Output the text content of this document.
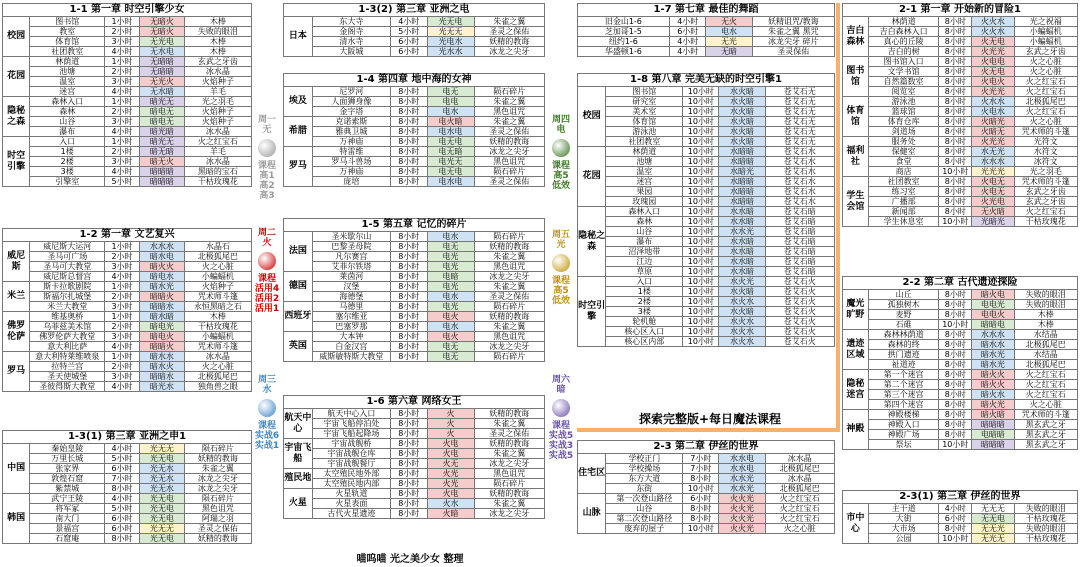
1-1 第一章 时空引擎少女
校园	图书馆	1小时	无暗火	木棒
	教室	2小时	无暗火	失败的眼泪
	体育馆	3小时	无光电	木棒
	社团教室	4小时	无水电	木棒
花园	林荫道	1小时	无暗暗	玄武之牙齿
	池塘	2小时	无暗暗	冰水晶
	温室	3小时	无光火	火焰种子
	迷宫	4小时	无水暗	羊毛
隐秘之森	森林入口	1小时	暗光无	光之羽毛
	森林	2小时	暗电无	火焰种子
	山谷	3小时	暗电无	火焰种子
	瀑布	4小时	暗光暗	冰水晶
时空引擎	入口	1小时	暗光无	火之红宝石
	1楼	2小时	暗无暗	羊毛
	2楼	3小时	暗无火	冰水晶
	3楼	4小时	暗暗暗	黑暗的宝石
	引擎室	5小时	暗暗暗	干枯玫瑰花
1-2 第一章 文艺复兴
威尼斯	威尼斯大运河	1小时	水水水	水晶石
	圣马可广场	2小时	暗水电	北极狐尾巴
	圣马可大教堂	3小时	暗火火	火之心脏
	威尼斯总督宫	4小时	暗电水	小蝙蝠机
米兰	斯卡拉歌剧院	1小时	暗水光	火焰种子
	斯福尔扎城堡	2小时	暗暗火	咒术师斗篷
	米兰大教堂	3小时	暗暗水	永恒黑暗之石
佛罗伦萨	维基奥桥	1小时	暗水暗	木棒
	乌菲兹美术馆	2小时	暗电光	干枯玫瑰花
	佛罗伦萨大教堂	3小时	暗电火	小蝙蝠机
	意大利比萨	4小时	暗暗火	咒术师斗篷
罗马	意大利特莱维喷泉	1小时	暗水水	冰水晶
	拉特兰宫	2小时	暗水火	火之心脏
	圣天使城堡	3小时	暗暗水	北极狐尾巴
	圣彼得斯大教堂	4小时	暗光水	独角兽之眼
1-3(1) 第三章 亚洲之申1
中国	秦始皇陵	4小时	光无无	陨石碎片
	万里长城	5小时	光无电	妖精的教诲
	张家界	6小时	光无水	朱雀之翼
	敦煌石窟	7小时	光无水	冰龙之尖牙
	紫禁城	8小时	光无水	冰龙之尖牙
韩国	武宁王陵	4小时	光无电	陨石碎片
	将军冢	5小时	光无电	黑色诅咒
	南大门	6小时	光无电	阿瑞之羽
	景福宫	6小时	光无无	圣灵之保佑
	石窟庵	8小时	光无电	妖精的教诲
周一
无
课程
高1
高2
高3
周二
火
课程
活用4
活用2
活用1
周三
水
课程
实战6
实战1
1-3(2) 第三章 亚洲之电
日本	东大寺	4小时	光无电	朱雀之翼
	金阁寺	5小时	光无无	圣灵之保佑
	清水寺	6小时	光电水	妖精的教诲
	大阪城	6小时	光水水	冰龙之尖牙
1-4 第四章 地中海的女神
埃及	尼罗河	8小时	电无	陨石碎片
	人面狮身像	8小时	电电	朱雀之翼
	金字塔	8小时	电水	黑色诅咒
希腊	克诺索斯	8小时	电火暗	朱雀之翼
	雅典卫城	8小时	电水电	圣灵之保佑
	万神庙	8小时	电无电	妖精的教诲
罗马	特雷维	8小时	电无暗	冰龙之尖牙
	罗马斗兽场	8小时	电光无	黑色诅咒
	万神庙	8小时	电无电	陨石碎片
	庞培	8小时	电水电	圣灵之保佑
1-5 第五章 记忆的碎片
法国	圣米歇尔山	8小时	电水	陨石碎片
	巴黎圣母院	8小时	电无	妖精的教诲
	凡尔赛宫	8小时	电光	朱雀之翼
	艾菲尔铁塔	8小时	电光	黑色诅咒
德国	莱茵河	8小时	电暗	冰龙之尖牙
	汉堡	8小时	电光	朱雀之翼
	海德堡	8小时	电水	圣灵之保佑
西班牙	马德里	8小时	电光	陨石碎片
	塞尔维亚	8小时	电火	妖精的教诲
	巴塞罗那	8小时	电水	朱雀之翼
英国	大本钟	8小时	电火	黑色诅咒
	白金汉宫	8小时	电无	冰龙之尖牙
	威斯敏特斯大教堂	8小时	电无	陨石碎片
1-6 第六章 网络女王
航天中心	航天中心入口	8小时	火	妖精的教诲
	宇宙飞船停泊处	8小时	火	朱雀之翼
	宇宙飞船起降场	8小时	火	圣灵之保佑
宇宙飞船	宇宙战舰桥	8小时	火电	妖精的教诲
	宇宙战舰仓库	8小时	火电	朱雀之翼
	宇宙战舰餐厅	8小时	火无	冰龙之尖牙
殖民地	太空殖民地外部	8小时	火光	黑色诅咒
	太空殖民地内部	8小时	火光	陨石碎片
火星	火星轨道	8小时	火电	妖精的教诲
	火星表面	8小时	火水	朱雀之翼
	古代火星遗迹	8小时	火暗	冰龙之尖牙
喵呜喵 光之美少女 整理
周四
电
课程
高5
低效
周五
光
课程
高5
低效
周六
暗
课程
实战5
实战3
实战5
1-7 第七章 最佳的舞蹈
	旧金山1-6	4小时	无火	妖精诅咒/教诲
芝加哥1-5	6小时	电水	朱雀之翼 黑咒
纽约1-6	4小时	无光	冰龙尖牙 碎片
华盛顿1-6	4小时	无暗	圣灵保佑
1-8 第八章 完美无缺的时空引擎1
校园	图书馆	10小时	水火暗	苍艾石无
	研究室	10小时	水火暗	苍艾石无
	美术室	10小时	水火暗	苍艾石无
	体育馆	10小时	水火暗	苍艾石无
	游泳池	10小时	水火暗	苍艾石无
	社团教室	10小时	水火暗	苍艾石无
花园	林荫道	10小时	水暗暗	苍艾石水
	池塘	10小时	水暗暗	苍艾石水
	温室	10小时	水暗光	苍艾石水
	迷宫	10小时	水暗暗	苍艾石水
	果园	10小时	水暗暗	苍艾石水
	玫瑰园	10小时	水暗暗	苍艾石水
隐秘之森	森林入口	10小时	水水暗	苍艾石暗
	森林	10小时	水水暗	苍艾石暗
	山谷	10小时	水水光	苍艾石暗
	瀑布	10小时	水水暗	苍艾石暗
	沼泽地带	10小时	水水暗	苍艾石暗
	江边	10小时	水水暗	苍艾石暗
	草原	10小时	水水暗	苍艾石暗
时空引擎	入口	10小时	水火光	苍艾石火
	1楼	10小时	水火暗	苍艾石火
	2楼	10小时	水火水	苍艾石火
	3楼	10小时	水火暗	苍艾石火
	轮机舱	10小时	水火水	苍艾石火
	核心区入口	10小时	水火水	苍艾石火
	核心区内部	10小时	水火水	苍艾石火
探索完整版+每日魔法课程
2-3 第二章 伊丝的世界
住宅区	学校正门	7小时	水水电	冰水晶
	学校操场	7小时	水水电	北极狐尾巴
	东方大道	8小时	水水光	冰水晶
	东街	10小时	水水光	北极狐尾巴
山脉	第一次登山路径	6小时	火火光	火之红宝石
	山谷	8小时	火火光	火之红宝石
	第二次登山路径	8小时	火火光	火之红宝石
	废弃的屋子	10小时	火火光	火之心脏
2-1 第一章 开始新的冒险1
吉白森林	林荫道	8小时	火火水	光之祝福
	吉白森林入口	8小时	火火水	小蝙蝠机
	真心的丘陵	8小时	火无电	小蝙蝠机
	吉白的树	8小时	火光光	玄武之牙齿
图书馆	图书馆入口	8小时	火电电	火之心脏
	文学书馆	8小时	火无电	火之心脏
	自然篇数室	8小时	火电火	火之红宝石
	阅览室	8小时	火光光	火之红宝石
体育馆	游泳池	8小时	火水水	北极狐尾巴
	篮球馆	8小时	火电水	火之红宝石
	体育仓库	8小时	火暗光	火之心脏
	剑道场	8小时	火暗无	咒术师的斗篷
福利社	服务处	8小时	火光光	光符文
	保健室	8小时	水无光	水符文
	食堂	8小时	水水水	冰符文
	商店	10小时	光光光	光之羽毛
学生会馆	社团教室	8小时	火电无	咒术师的斗篷
	练习室	8小时	火电无	玄武之牙齿
	广播部	8小时	火光电	玄武之牙齿
	新闻部	8小时	无火暗	火之红宝石
	学生休息室	10小时	光暗光	干枯玫瑰花
2-2 第二章 古代遗迹探险
魔光旷野	山丘	8小时	暗火电	失败的眼泪
	孤独树木	8小时	电电光	失败的眼泪
	麦野	8小时	电电火	木棒
	石碓	10小时	暗暗电	木棒
遗迹区域	森林林荫道	8小时	水水水	水结晶
	森林的终	8小时	暗水水	北极狐尾巴
	拱门遗迹	8小时	暗水光	水结晶
	祉道迹	8小时	暗水光	北极狐尾巴
隐秘迷宫	第一个迷宫	8小时	暗火火	火之红宝石
	第二个迷宫	8小时	暗火火	火之红宝石
	第三个迷宫	8小时	暗火水	火之红宝石
	第四个迷宫	8小时	暗火光	火之心脏
神殿	神殿楼梯	8小时	暗火暗	咒术师的斗篷
	神殿入口	8小时	暗暗暗	黑玄武之牙
	神殿广场	8小时	电暗暗	黑玄武之牙
	祭坛	10小时	暗暗暗	黑玄武之牙
2-3(1) 第三章 伊丝的世界
市中心	主干道	4小时	无无无	失败的眼泪
	大街	6小时	无无电	干枯玫瑰花
	大市场	8小时	无无光	失败的眼泪
	公园	10小时	无光无	干枯玫瑰花
